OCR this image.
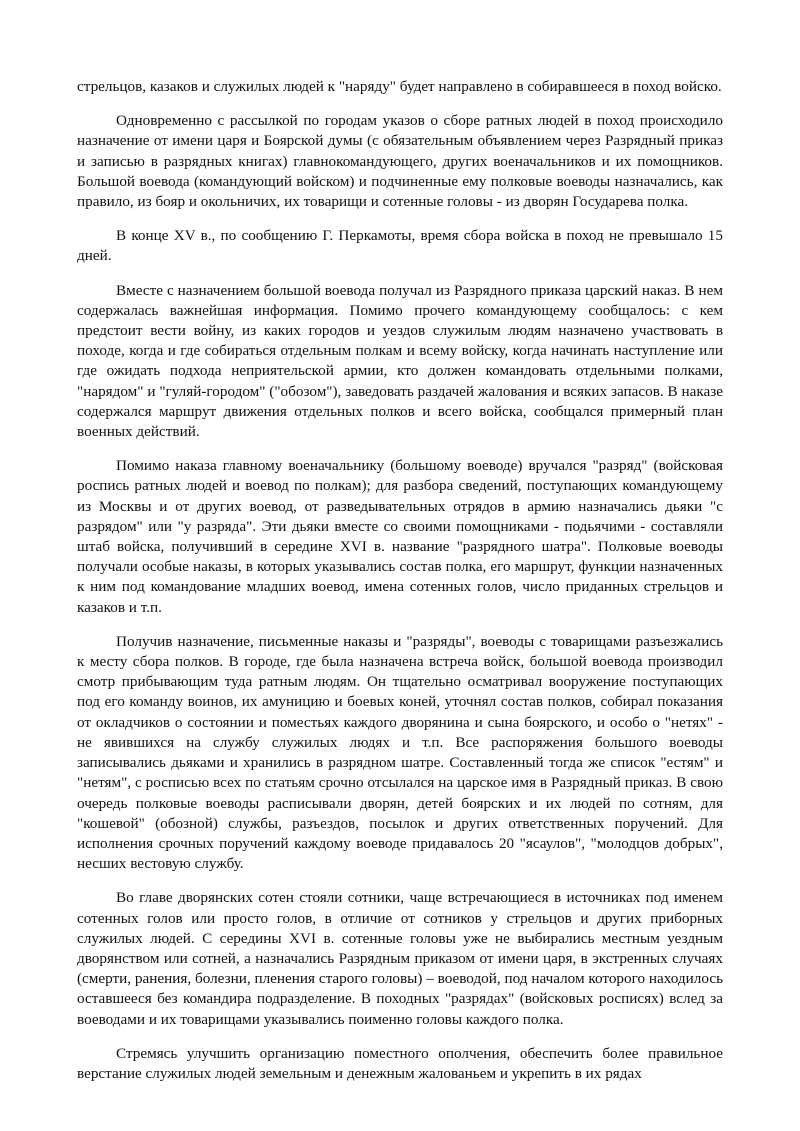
стрельцов, казаков и служилых людей к "наряду" будет направлено в собиравшееся в поход войско.

Одновременно с рассылкой по городам указов о сборе ратных людей в поход происходило назначение от имени царя и Боярской думы (с обязательным объявлением через Разрядный приказ и записью в разрядных книгах) главнокомандующего, других военачальников и их помощников. Большой воевода (командующий войском) и подчиненные ему полковые воеводы назначались, как правило, из бояр и окольничих, их товарищи и сотенные головы - из дворян Государева полка.

В конце XV в., по сообщению Г. Перкамоты, время сбора войска в поход не превышало 15 дней.

Вместе с назначением большой воевода получал из Разрядного приказа царский наказ. В нем содержалась важнейшая информация. Помимо прочего командующему сообщалось: с кем предстоит вести войну, из каких городов и уездов служилым людям назначено участвовать в походе, когда и где собираться отдельным полкам и всему войску, когда начинать наступление или где ожидать подхода неприятельской армии, кто должен командовать отдельными полками, "нарядом" и "гуляй-городом" ("обозом"), заведовать раздачей жалования и всяких запасов. В наказе содержался маршрут движения отдельных полков и всего войска, сообщался примерный план военных действий.

Помимо наказа главному военачальнику (большому воеводе) вручался "разряд" (войсковая роспись ратных людей и воевод по полкам); для разбора сведений, поступающих командующему из Москвы и от других воевод, от разведывательных отрядов в армию назначались дьяки "с разрядом" или "у разряда". Эти дьяки вместе со своими помощниками - подьячими - составляли штаб войска, получивший в середине XVI в. название "разрядного шатра". Полковые воеводы получали особые наказы, в которых указывались состав полка, его маршрут, функции назначенных к ним под командование младших воевод, имена сотенных голов, число приданных стрельцов и казаков и т.п.

Получив назначение, письменные наказы и "разряды", воеводы с товарищами разъезжались к месту сбора полков. В городе, где была назначена встреча войск, большой воевода производил смотр прибывающим туда ратным людям. Он тщательно осматривал вооружение поступающих под его команду воинов, их амуницию и боевых коней, уточнял состав полков, собирал показания от окладчиков о состоянии и поместьях каждого дворянина и сына боярского, и особо о "нетях" - не явившихся на службу служилых людях и т.п. Все распоряжения большого воеводы записывались дьяками и хранились в разрядном шатре. Составленный тогда же список "естям" и "нетям", с росписью всех по статьям срочно отсылался на царское имя в Разрядный приказ. В свою очередь полковые воеводы расписывали дворян, детей боярских и их людей по сотням, для "кошевой" (обозной) службы, разъездов, посылок и других ответственных поручений. Для исполнения срочных поручений каждому воеводе придавалось 20 "ясаулов", "молодцов добрых", несших вестовую службу.

Во главе дворянских сотен стояли сотники, чаще встречающиеся в источниках под именем сотенных голов или просто голов, в отличие от сотников у стрельцов и других приборных служилых людей. С середины XVI в. сотенные головы уже не выбирались местным уездным дворянством или сотней, а назначались Разрядным приказом от имени царя, в экстренных случаях (смерти, ранения, болезни, пленения старого головы) – воеводой, под началом которого находилось оставшееся без командира подразделение. В походных "разрядах" (войсковых росписях) вслед за воеводами и их товарищами указывались поименно головы каждого полка.

Стремясь улучшить организацию поместного ополчения, обеспечить более правильное верстание служилых людей земельным и денежным жалованьем и укрепить в их рядах
